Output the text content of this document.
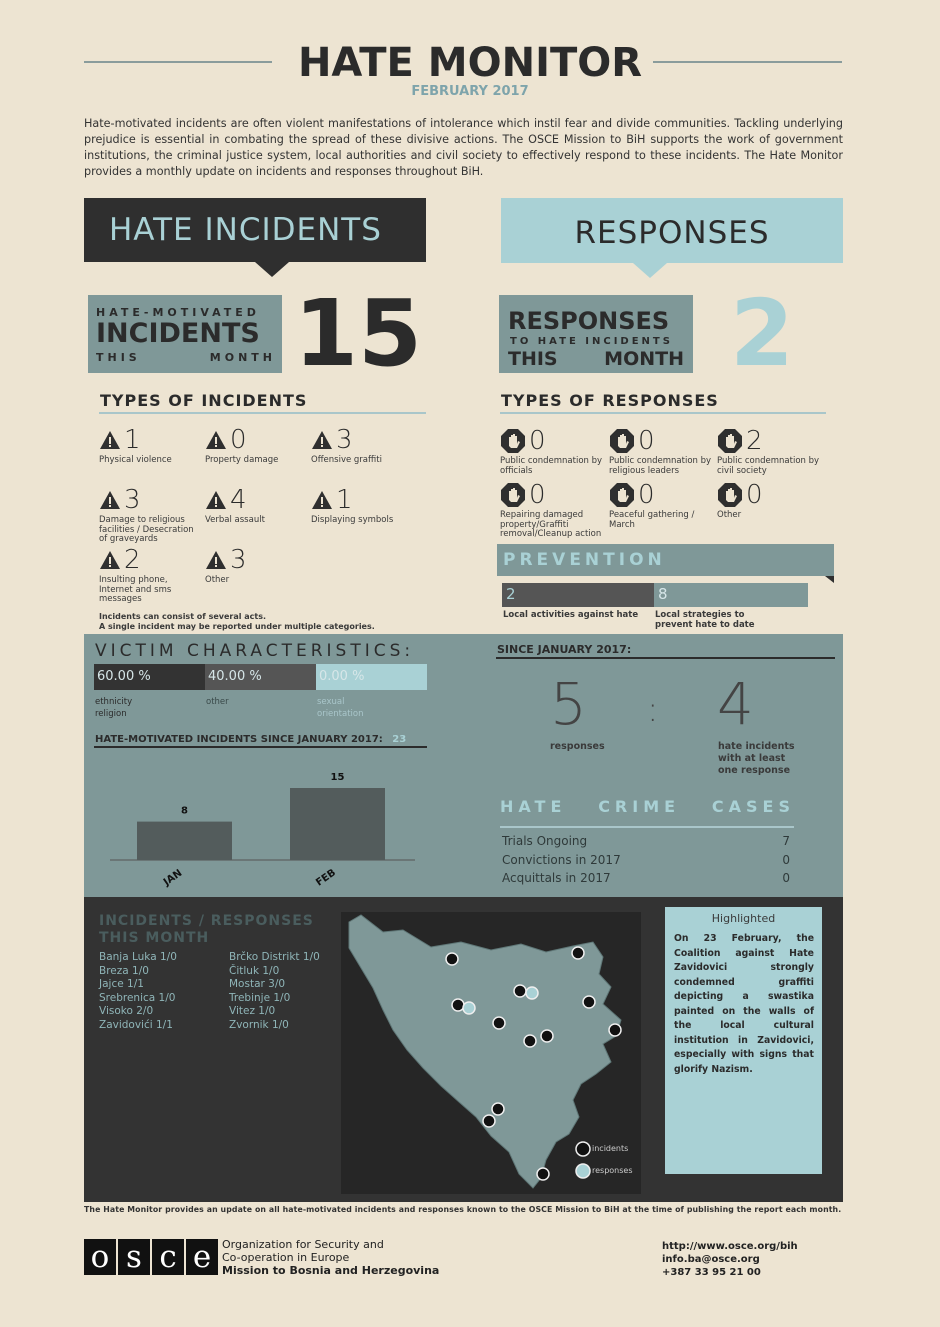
HATE MONITOR
FEBRUARY 2017

Hate-motivated incidents are often violent manifestations of intolerance which instil fear and divide communities. Tackling underlying prejudice is essential in combating the spread of these divisive actions. The OSCE Mission to BiH supports the work of government institutions, the criminal justice system, local authorities and civil society to effectively respond to these incidents. The Hate Monitor provides a monthly update on incidents and responses throughout BiH.

HATE INCIDENTS	RESPONSES
HATE-MOTIVATED
INCIDENTS
THIS	MONTH 15	RESPONSES
TO HATE INCIDENTS
THIS MONTH 2
TYPES OF INCIDENTS
1
Physical violence
0
Property damage
3
Offensive graffiti
3
Damage to religious facilities / Desecration of graveyards
4
Verbal assault
1
Displaying symbols
2
Insulting phone, Internet and sms messages
3
Other
Incidents can consist of several acts.
A single incident may be reported under multiple categories.
TYPES OF RESPONSES
0
Public condemnation by officials
0
Public condemnation by religious leaders
2
Public condemnation by civil society
0
Repairing damaged property/Graffiti removal/Cleanup action
0
Peaceful gathering / March
0
Other
PREVENTION
2	8
Local activities against hate	Local strategies to prevent hate to date
VICTIM CHARACTERISTICS:
60.00 %	40.00 %	0.00 %
ethnicity religion
other	sexual orientation
HATE-MOTIVATED INCIDENTS SINCE JANUARY 2017: 23
8
JAN
15
FEB
SINCE JANUARY 2017:
5 : 4
responses	hate incidents with at least one response
HATE CRIME CASES
Trials Ongoing	7
Convictions in 2017	0
Acquittals in 2017	0
INCIDENTS / RESPONSES
THIS MONTH
Banja Luka 1/0
Breza 1/0
Jajce 1/1
Srebrenica 1/0
Visoko 2/0
Zavidovići 1/1
Brčko Distrikt 1/0
Čitluk 1/0
Mostar 3/0
Trebinje 1/0
Vitez 1/0
Zvornik 1/0
incidents
responses
Highlighted
On 23 February, the Coalition against Hate Zavidovici strongly condemned graffiti depicting a swastika painted on the walls of the local cultural institution in Zavidovici, especially with signs that glorify Nazism.
The Hate Monitor provides an update on all hate-motivated incidents and responses known to the OSCE Mission to BiH at the time of publishing the report each month.
o s c e Organization for Security and
Co-operation in Europe
Mission to Bosnia and Herzegovina
http://www.osce.org/bih
info.ba@osce.org
+387 33 95 21 00
